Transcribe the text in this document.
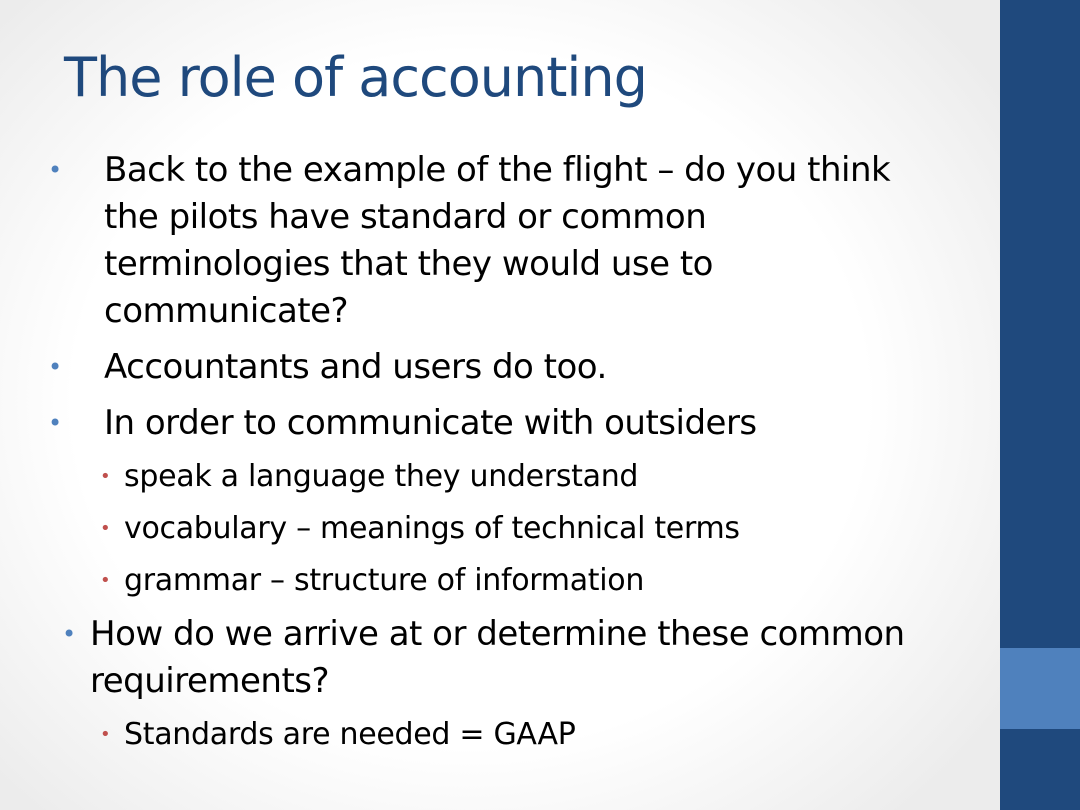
The role of accounting
• Back to the example of the flight – do you think the pilots have standard or common terminologies that they would use to communicate?
• Accountants and users do too.
• In order to communicate with outsiders
• speak a language they understand
• vocabulary – meanings of technical terms
• grammar – structure of information
• How do we arrive at or determine these common requirements?
• Standards are needed = GAAP
